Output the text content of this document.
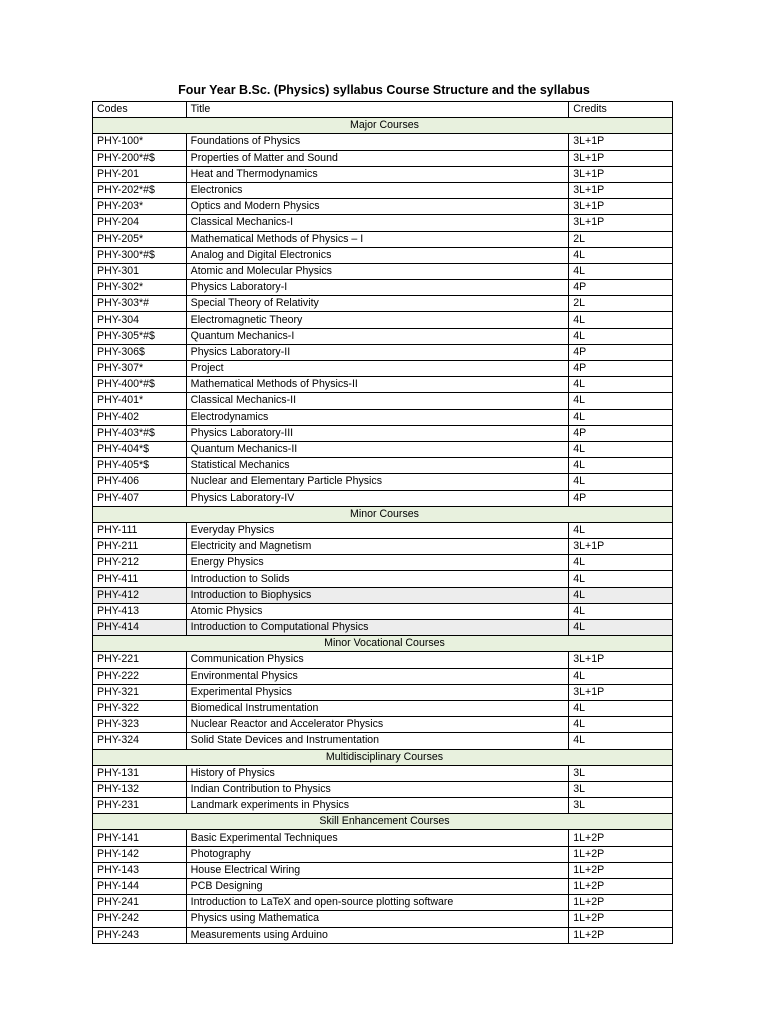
Four Year B.Sc. (Physics) syllabus Course Structure and the syllabus
Codes	Title	Credits
Major Courses		
PHY-100*	Foundations of Physics	3L+1P
PHY-200*#$	Properties of Matter and Sound	3L+1P
PHY-201	Heat and Thermodynamics	3L+1P
PHY-202*#$	Electronics	3L+1P
PHY-203*	Optics and Modern Physics	3L+1P
PHY-204	Classical Mechanics-I	3L+1P
PHY-205*	Mathematical Methods of Physics – I	2L
PHY-300*#$	Analog and Digital Electronics	4L
PHY-301	Atomic and Molecular Physics	4L
PHY-302*	Physics Laboratory-I	4P
PHY-303*#	Special Theory of Relativity	2L
PHY-304	Electromagnetic Theory	4L
PHY-305*#$	Quantum Mechanics-I	4L
PHY-306$	Physics Laboratory-II	4P
PHY-307*	Project	4P
PHY-400*#$	Mathematical Methods of Physics-II	4L
PHY-401*	Classical Mechanics-II	4L
PHY-402	Electrodynamics	4L
PHY-403*#$	Physics Laboratory-III	4P
PHY-404*$	Quantum Mechanics-II	4L
PHY-405*$	Statistical Mechanics	4L
PHY-406	Nuclear and Elementary Particle Physics	4L
PHY-407	Physics Laboratory-IV	4P
Minor Courses		
PHY-111	Everyday Physics	4L
PHY-211	Electricity and Magnetism	3L+1P
PHY-212	Energy Physics	4L
PHY-411	Introduction to Solids	4L
PHY-412	Introduction to Biophysics	4L
PHY-413	Atomic Physics	4L
PHY-414	Introduction to Computational Physics	4L
Minor Vocational Courses		
PHY-221	Communication Physics	3L+1P
PHY-222	Environmental Physics	4L
PHY-321	Experimental Physics	3L+1P
PHY-322	Biomedical Instrumentation	4L
PHY-323	Nuclear Reactor and Accelerator Physics	4L
PHY-324	Solid State Devices and Instrumentation	4L
Multidisciplinary Courses		
PHY-131	History of Physics	3L
PHY-132	Indian Contribution to Physics	3L
PHY-231	Landmark experiments in Physics	3L
Skill Enhancement Courses		
PHY-141	Basic Experimental Techniques	1L+2P
PHY-142	Photography	1L+2P
PHY-143	House Electrical Wiring	1L+2P
PHY-144	PCB Designing	1L+2P
PHY-241	Introduction to LaTeX and open-source plotting software	1L+2P
PHY-242	Physics using Mathematica	1L+2P
PHY-243	Measurements using Arduino	1L+2P
